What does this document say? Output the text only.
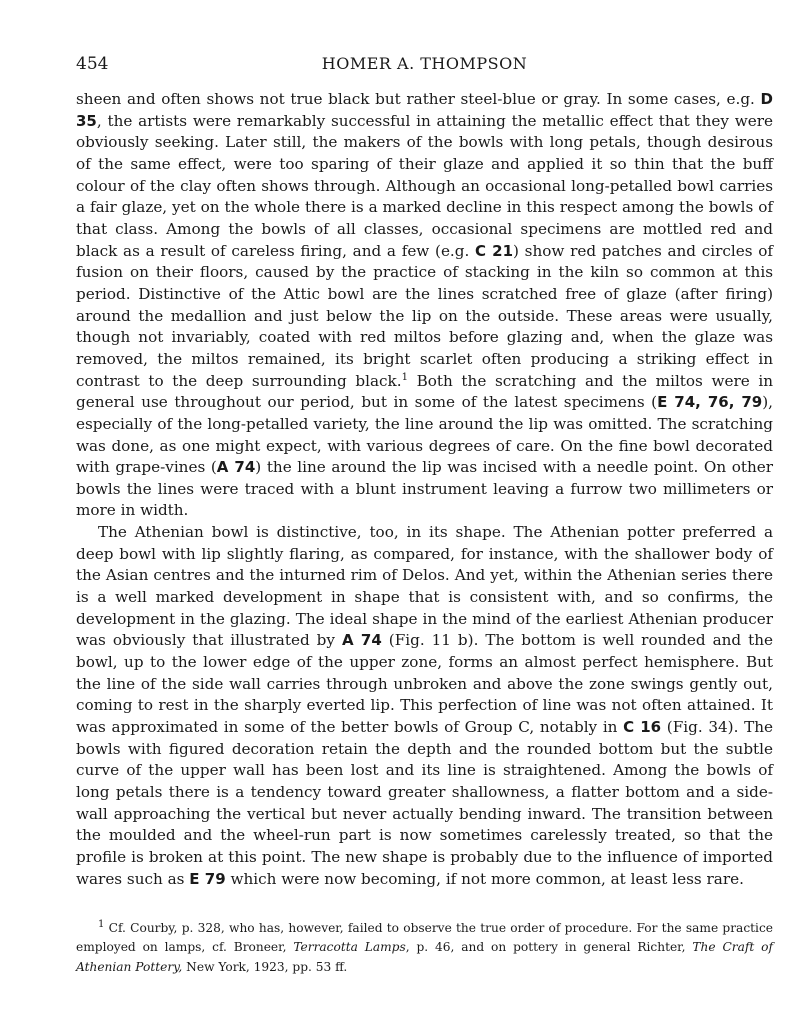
454	HOMER A. THOMPSON

sheen and often shows not true black but rather steel-blue or gray. In some cases, e.g. D 35, the artists were remarkably successful in attaining the metallic effect that they were obviously seeking. Later still, the makers of the bowls with long petals, though desirous of the same effect, were too sparing of their glaze and applied it so thin that the buff colour of the clay often shows through. Although an occasional long-petalled bowl carries a fair glaze, yet on the whole there is a marked decline in this respect among the bowls of that class. Among the bowls of all classes, occasional specimens are mottled red and black as a result of careless firing, and a few (e.g. C 21) show red patches and circles of fusion on their floors, caused by the practice of stacking in the kiln so common at this period. Distinctive of the Attic bowl are the lines scratched free of glaze (after firing) around the medallion and just below the lip on the outside. These areas were usually, though not invariably, coated with red miltos before glazing and, when the glaze was removed, the miltos remained, its bright scarlet often producing a striking effect in contrast to the deep surrounding black.$^1$ Both the scratching and the miltos were in general use throughout our period, but in some of the latest specimens (E 74, 76, 79), especially of the long-petalled variety, the line around the lip was omitted. The scratching was done, as one might expect, with various degrees of care. On the fine bowl decorated with grape-vines (A 74) the line around the lip was incised with a needle point. On other bowls the lines were traced with a blunt instrument leaving a furrow two millimeters or more in width.

The Athenian bowl is distinctive, too, in its shape. The Athenian potter preferred a deep bowl with lip slightly flaring, as compared, for instance, with the shallower body of the Asian centres and the inturned rim of Delos. And yet, within the Athenian series there is a well marked development in shape that is consistent with, and so confirms, the development in the glazing. The ideal shape in the mind of the earliest Athenian producer was obviously that illustrated by A 74 (Fig. 11 b). The bottom is well rounded and the bowl, up to the lower edge of the upper zone, forms an almost perfect hemisphere. But the line of the side wall carries through unbroken and above the zone swings gently out, coming to rest in the sharply everted lip. This perfection of line was not often attained. It was approximated in some of the better bowls of Group C, notably in C 16 (Fig. 34). The bowls with figured decoration retain the depth and the rounded bottom but the subtle curve of the upper wall has been lost and its line is straightened. Among the bowls of long petals there is a tendency toward greater shallowness, a flatter bottom and a side-wall approaching the vertical but never actually bending inward. The transition between the moulded and the wheel-run part is now sometimes carelessly treated, so that the profile is broken at this point. The new shape is probably due to the influence of imported wares such as E 79 which were now becoming, if not more common, at least less rare.

$^1$ Cf. Courby, p. 328, who has, however, failed to observe the true order of procedure. For the same practice employed on lamps, cf. Broneer, Terracotta Lamps, p. 46, and on pottery in general Richter, The Craft of Athenian Pottery, New York, 1923, pp. 53 ff.
